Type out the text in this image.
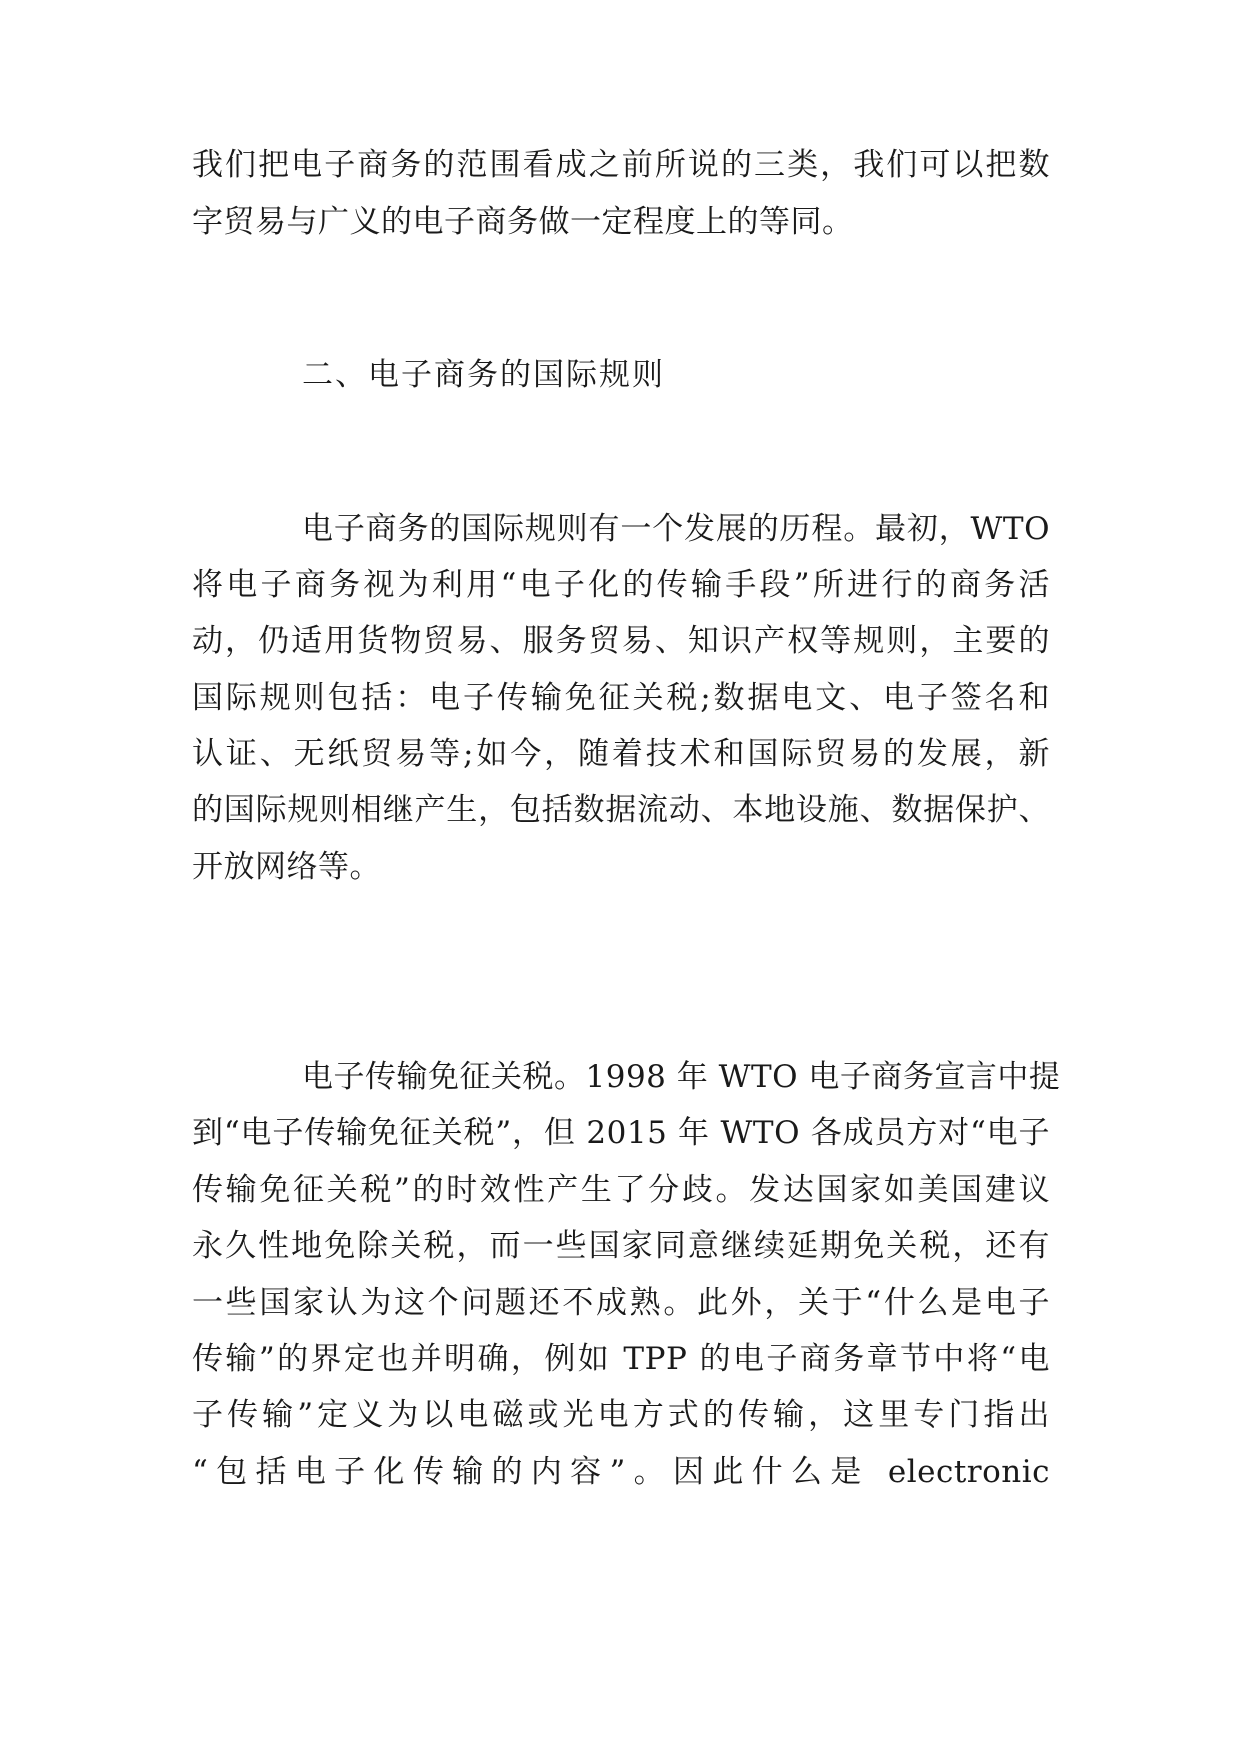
我们把电子商务的范围看成之前所说的三类，我们可以把数
字贸易与广义的电子商务做一定程度上的等同。
二、电子商务的国际规则
电子商务的国际规则有一个发展的历程。最初，WTO
将电子商务视为利用“电子化的传输手段”所进行的商务活
动，仍适用货物贸易、服务贸易、知识产权等规则，主要的
国际规则包括：电子传输免征关税;数据电文、电子签名和
认证、无纸贸易等;如今，随着技术和国际贸易的发展，新
的国际规则相继产生，包括数据流动、本地设施、数据保护、
开放网络等。
电子传输免征关税。1998 年 WTO 电子商务宣言中提
到“电子传输免征关税”，但 2015 年 WTO 各成员方对“电子
传输免征关税”的时效性产生了分歧。发达国家如美国建议
永久性地免除关税，而一些国家同意继续延期免关税，还有
一些国家认为这个问题还不成熟。此外，关于“什么是电子
传输”的界定也并明确，例如 TPP 的电子商务章节中将“电
子传输”定义为以电磁或光电方式的传输，这里专门指出
“包括电子化传输的内容”。因此什么是 electronic
